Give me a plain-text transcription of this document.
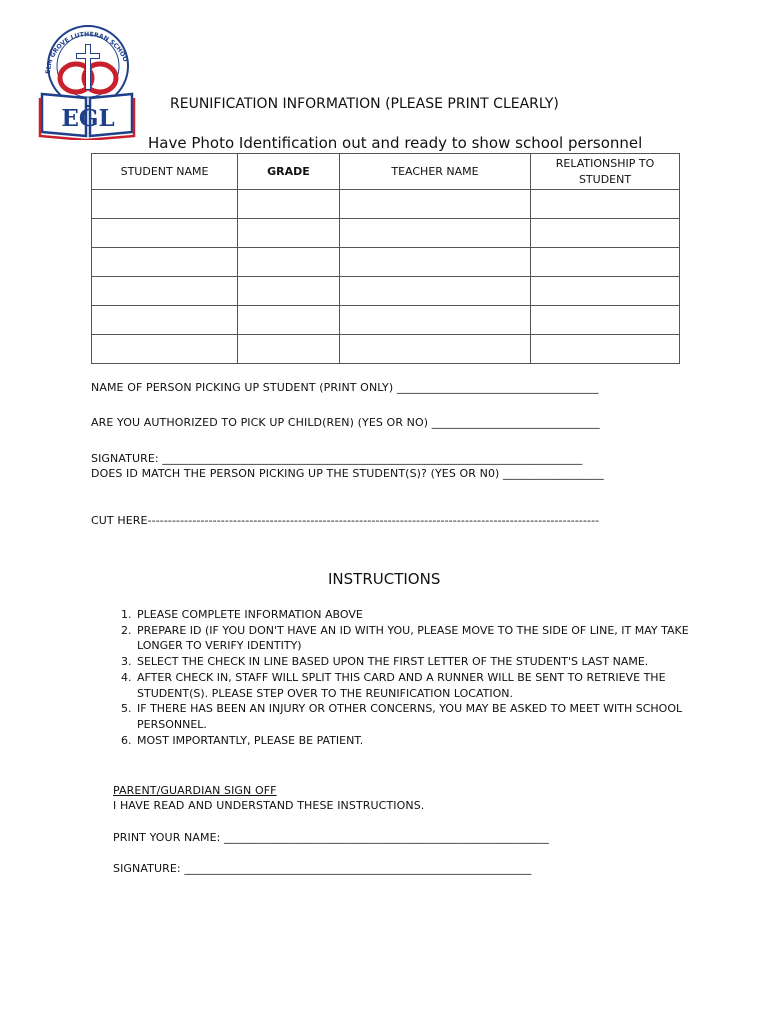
ELM GROVE LUTHERAN SCHOO
EGL
REUNIFICATION INFORMATION (PLEASE PRINT CLEARLY)
Have Photo Identification out and ready to show school personnel
STUDENT NAME	GRADE	TEACHER NAME	RELATIONSHIP TO STUDENT

NAME OF PERSON PICKING UP STUDENT (PRINT ONLY) ____________________________________
ARE YOU AUTHORIZED TO PICK UP CHILD(REN) (YES OR NO) ______________________________
SIGNATURE: ___________________________________________________________________________
DOES ID MATCH THE PERSON PICKING UP THE STUDENT(S)? (YES OR N0) __________________
CUT HERE---------------------------------------------------------------------------------------------------------------
INSTRUCTIONS
1. PLEASE COMPLETE INFORMATION ABOVE
2. PREPARE ID (IF YOU DON'T HAVE AN ID WITH YOU, PLEASE MOVE TO THE SIDE OF LINE, IT MAY TAKE LONGER TO VERIFY IDENTITY)
3. SELECT THE CHECK IN LINE BASED UPON THE FIRST LETTER OF THE STUDENT'S LAST NAME.
4. AFTER CHECK IN, STAFF WILL SPLIT THIS CARD AND A RUNNER WILL BE SENT TO RETRIEVE THE STUDENT(S). PLEASE STEP OVER TO THE REUNIFICATION LOCATION.
5. IF THERE HAS BEEN AN INJURY OR OTHER CONCERNS, YOU MAY BE ASKED TO MEET WITH SCHOOL PERSONNEL.
6. MOST IMPORTANTLY, PLEASE BE PATIENT.
PARENT/GUARDIAN SIGN OFF
I HAVE READ AND UNDERSTAND THESE INSTRUCTIONS.
PRINT YOUR NAME: __________________________________________________________
SIGNATURE: ______________________________________________________________
